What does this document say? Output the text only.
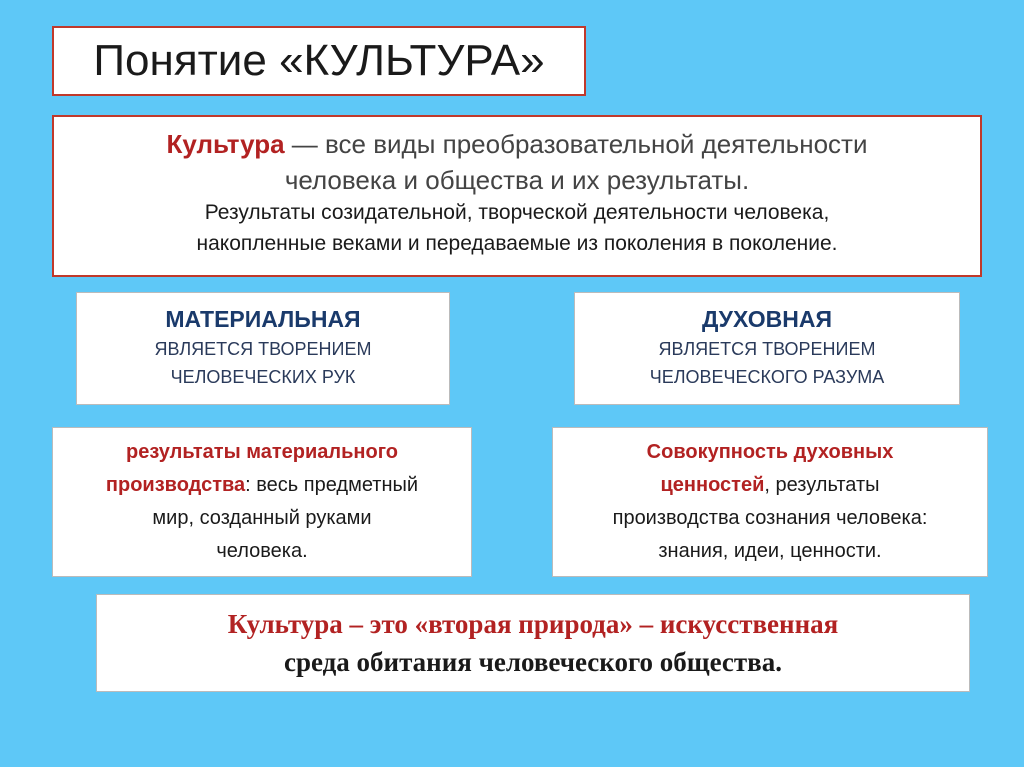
Понятие «КУЛЬТУРА»
Культура — все виды преобразовательной деятельности
человека и общества и их результаты.
Результаты созидательной, творческой деятельности человека,
накопленные веками и передаваемые из поколения в поколение.
МАТЕРИАЛЬНАЯ
ЯВЛЯЕТСЯ ТВОРЕНИЕМ
ЧЕЛОВЕЧЕСКИХ РУК
ДУХОВНАЯ
ЯВЛЯЕТСЯ ТВОРЕНИЕМ
ЧЕЛОВЕЧЕСКОГО РАЗУМА
результаты материального
производства: весь предметный
мир, созданный руками
человека.
Совокупность духовных
ценностей, результаты
производства сознания человека:
знания, идеи, ценности.
Культура – это «вторая природа» – искусственная
среда обитания человеческого общества.
